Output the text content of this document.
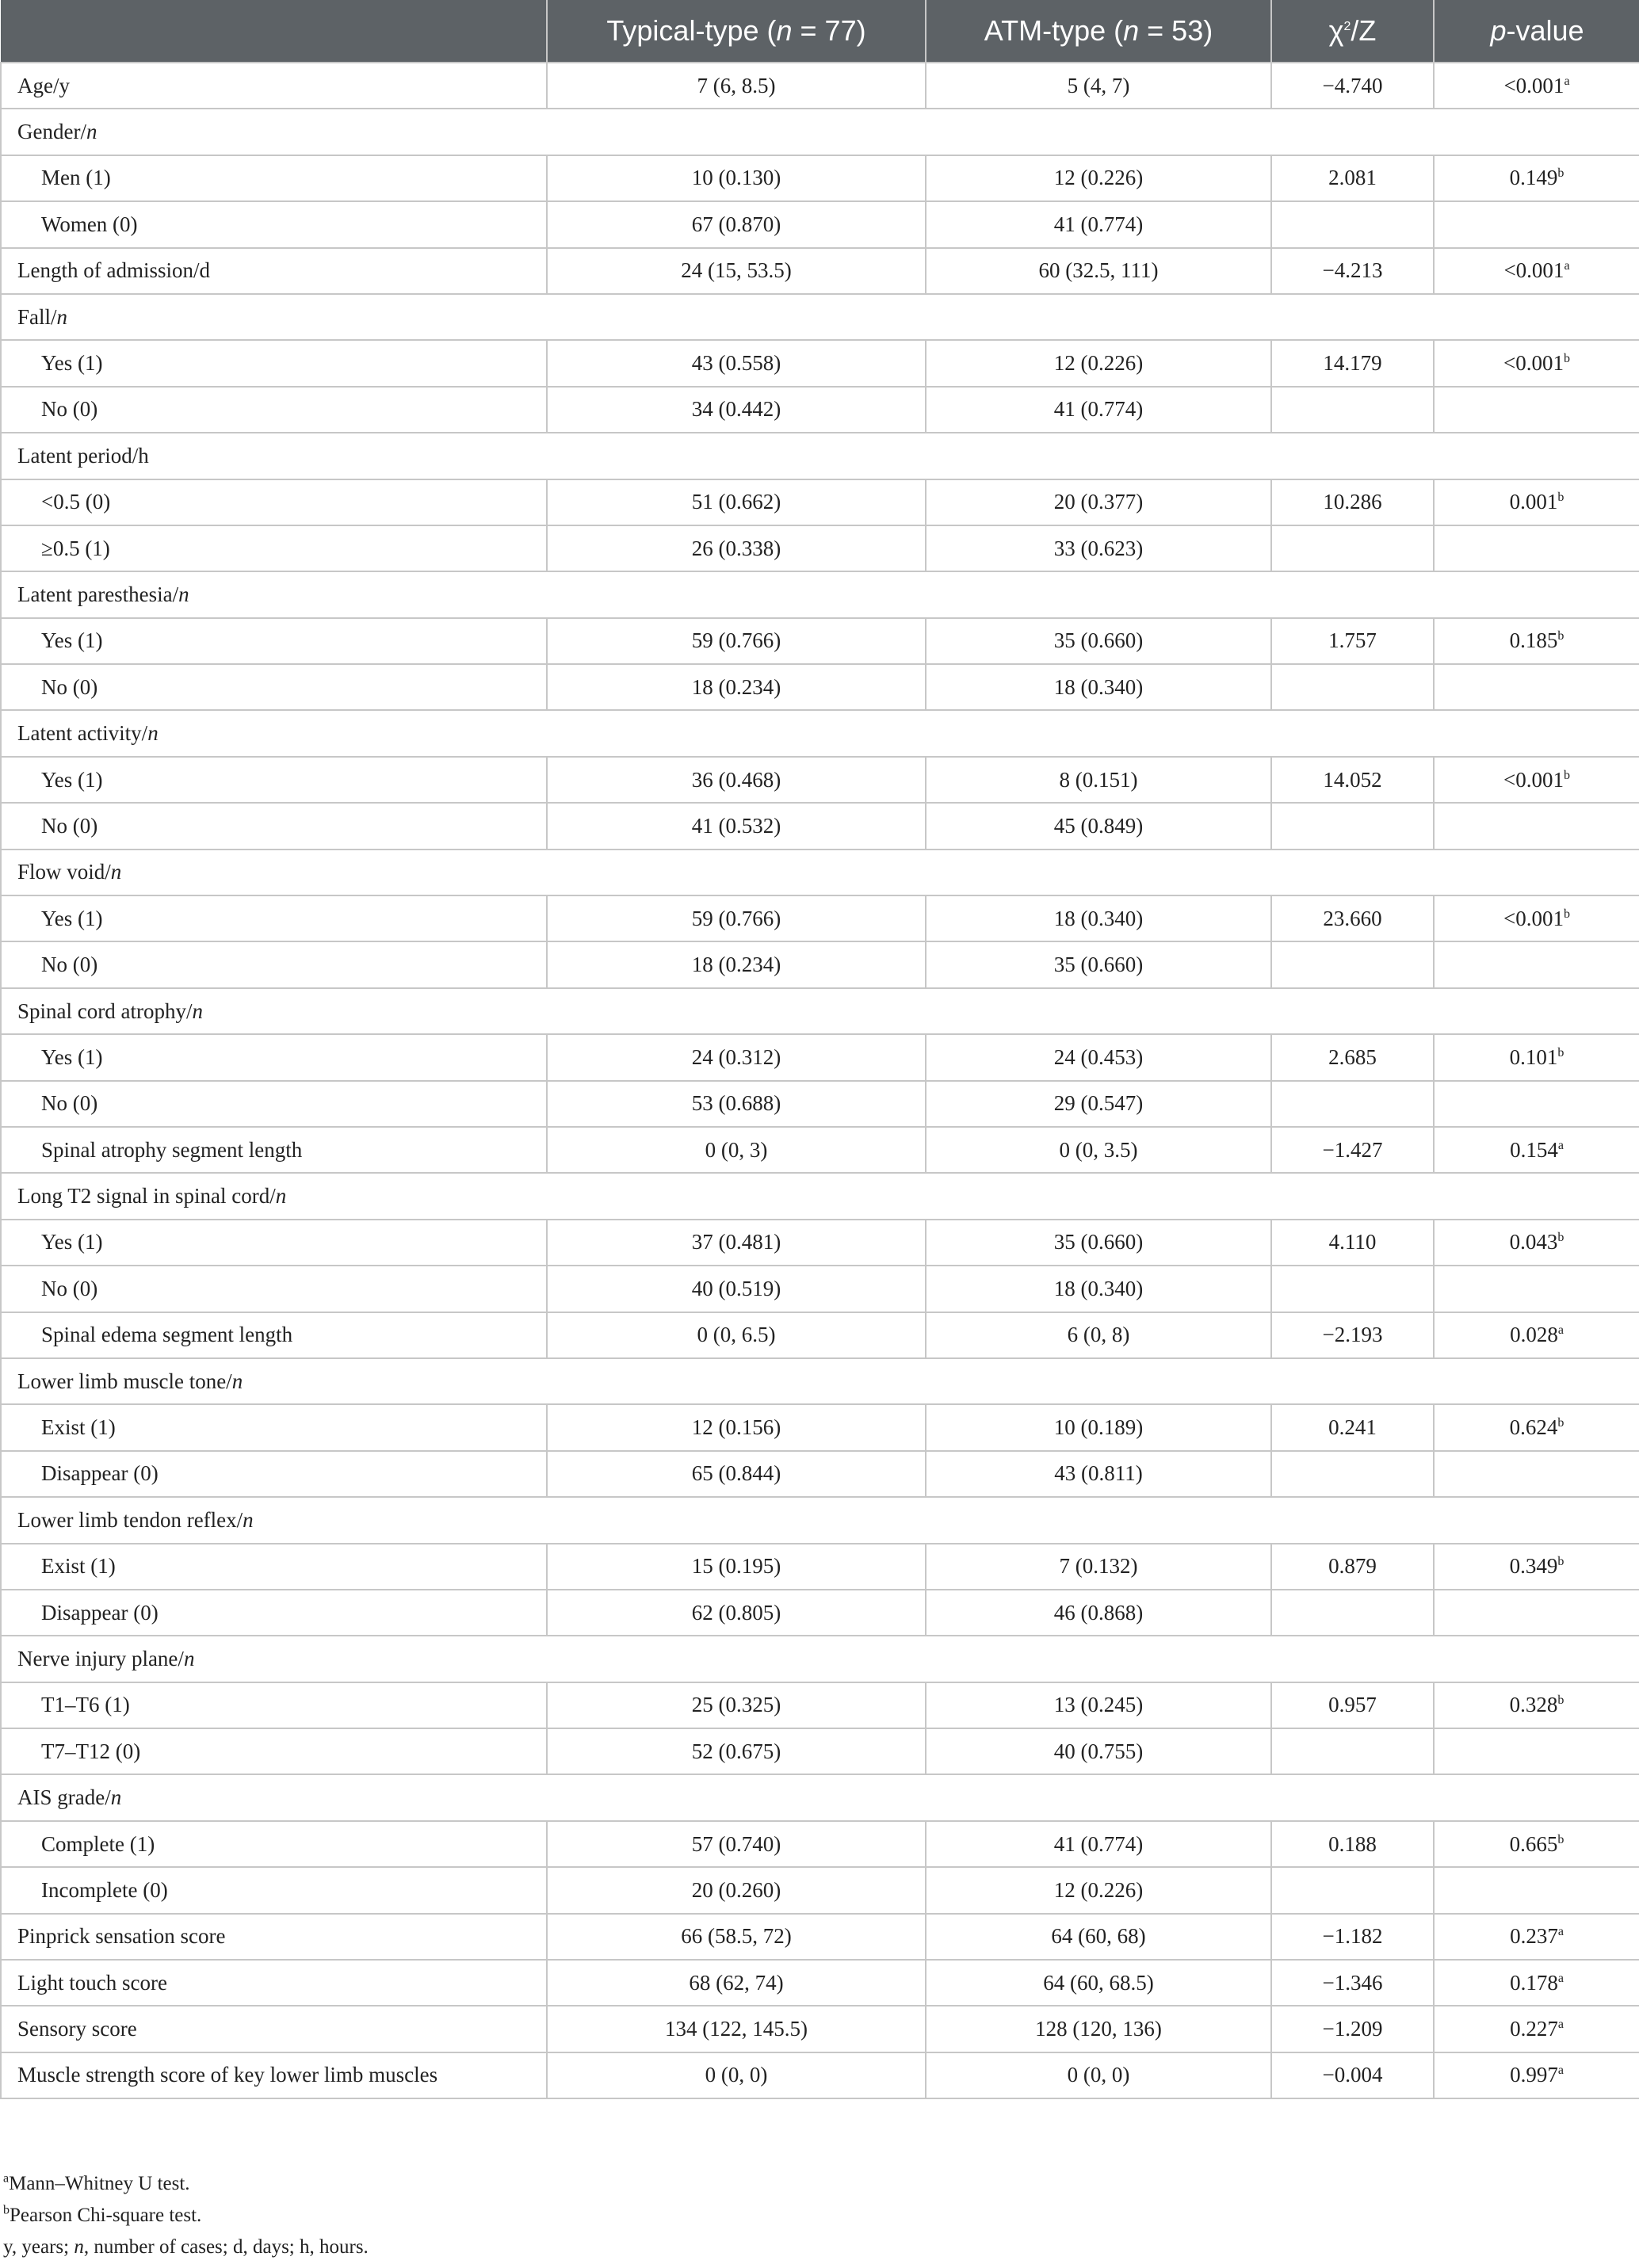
	Typical-type (n = 77)	ATM-type (n = 53)	$\chi^2/Z$	p-value
Age/y	7 (6, 8.5)	5 (4, 7)	−4.740	<0.001$^a$
Gender/n				
Men (1)	10 (0.130)	12 (0.226)	2.081	0.149$^b$
Women (0)	67 (0.870)	41 (0.774)		
Length of admission/d	24 (15, 53.5)	60 (32.5, 111)	−4.213	<0.001$^a$
Fall/n				
Yes (1)	43 (0.558)	12 (0.226)	14.179	<0.001$^b$
No (0)	34 (0.442)	41 (0.774)		
Latent period/h				
<0.5 (0)	51 (0.662)	20 (0.377)	10.286	0.001$^b$
≥0.5 (1)	26 (0.338)	33 (0.623)		
Latent paresthesia/n				
Yes (1)	59 (0.766)	35 (0.660)	1.757	0.185$^b$
No (0)	18 (0.234)	18 (0.340)		
Latent activity/n				
Yes (1)	36 (0.468)	8 (0.151)	14.052	<0.001$^b$
No (0)	41 (0.532)	45 (0.849)		
Flow void/n				
Yes (1)	59 (0.766)	18 (0.340)	23.660	<0.001$^b$
No (0)	18 (0.234)	35 (0.660)		
Spinal cord atrophy/n				
Yes (1)	24 (0.312)	24 (0.453)	2.685	0.101$^b$
No (0)	53 (0.688)	29 (0.547)		
Spinal atrophy segment length	0 (0, 3)	0 (0, 3.5)	−1.427	0.154$^a$
Long T2 signal in spinal cord/n				
Yes (1)	37 (0.481)	35 (0.660)	4.110	0.043$^b$
No (0)	40 (0.519)	18 (0.340)		
Spinal edema segment length	0 (0, 6.5)	6 (0, 8)	−2.193	0.028$^a$
Lower limb muscle tone/n				
Exist (1)	12 (0.156)	10 (0.189)	0.241	0.624$^b$
Disappear (0)	65 (0.844)	43 (0.811)		
Lower limb tendon reflex/n				
Exist (1)	15 (0.195)	7 (0.132)	0.879	0.349$^b$
Disappear (0)	62 (0.805)	46 (0.868)		
Nerve injury plane/n				
T1–T6 (1)	25 (0.325)	13 (0.245)	0.957	0.328$^b$
T7–T12 (0)	52 (0.675)	40 (0.755)		
AIS grade/n				
Complete (1)	57 (0.740)	41 (0.774)	0.188	0.665$^b$
Incomplete (0)	20 (0.260)	12 (0.226)		
Pinprick sensation score	66 (58.5, 72)	64 (60, 68)	−1.182	0.237$^a$
Light touch score	68 (62, 74)	64 (60, 68.5)	−1.346	0.178$^a$
Sensory score	134 (122, 145.5)	128 (120, 136)	−1.209	0.227$^a$
Muscle strength score of key lower limb muscles	0 (0, 0)	0 (0, 0)	−0.004	0.997$^a$
$^a$Mann–Whitney U test.
$^b$Pearson Chi-square test.
y, years; n, number of cases; d, days; h, hours.
